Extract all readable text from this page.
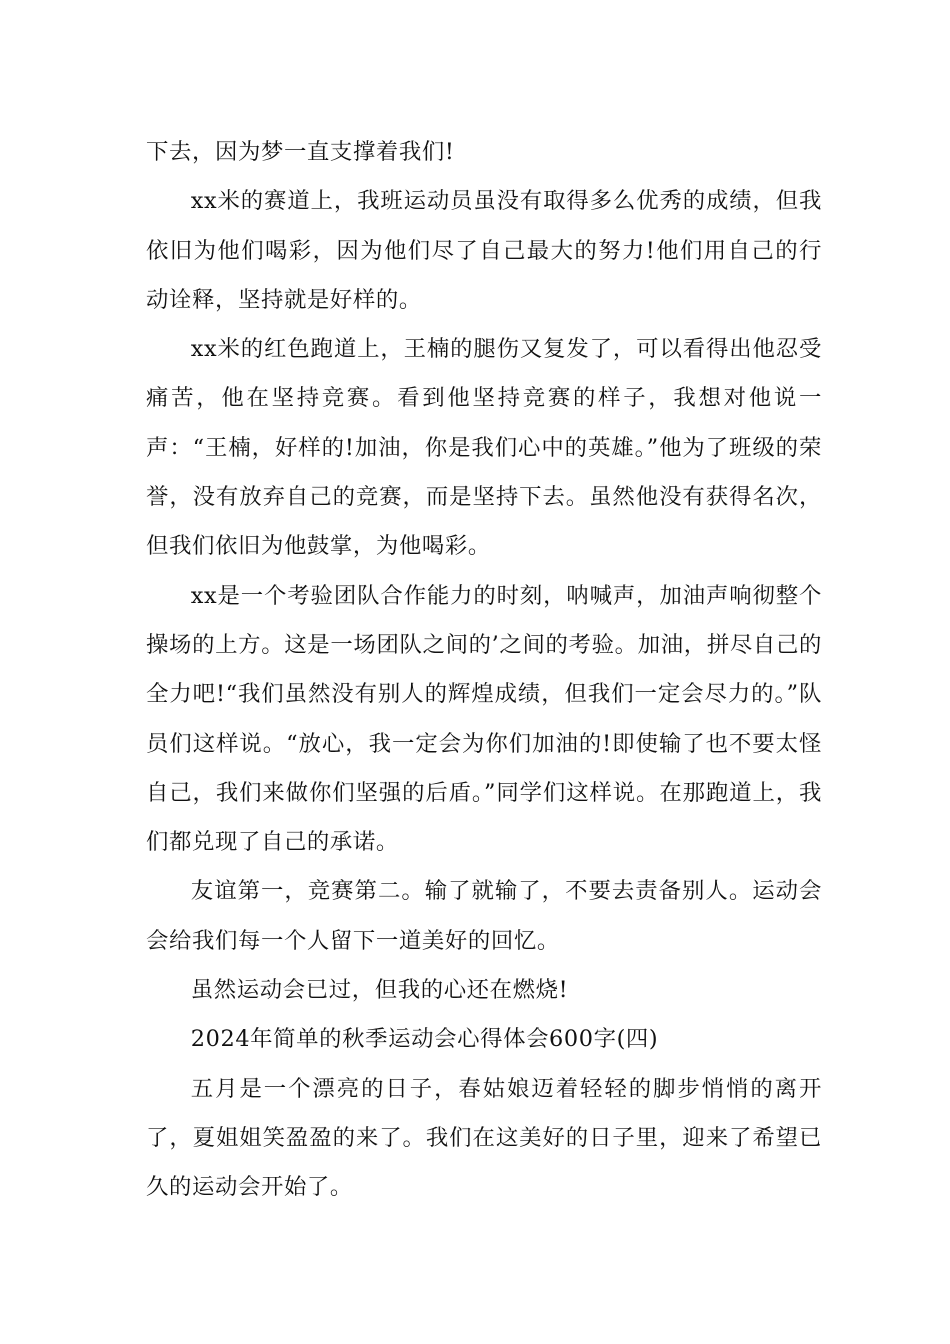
下去，因为梦一直支撑着我们!

xx米的赛道上，我班运动员虽没有取得多么优秀的成绩，但我依旧为他们喝彩，因为他们尽了自己最大的努力!他们用自己的行动诠释，坚持就是好样的。

xx米的红色跑道上，王楠的腿伤又复发了，可以看得出他忍受痛苦，他在坚持竞赛。看到他坚持竞赛的样子，我想对他说一声：“王楠，好样的!加油，你是我们心中的英雄。”他为了班级的荣誉，没有放弃自己的竞赛，而是坚持下去。虽然他没有获得名次，但我们依旧为他鼓掌，为他喝彩。

xx是一个考验团队合作能力的时刻，呐喊声，加油声响彻整个操场的上方。这是一场团队之间的’之间的考验。加油，拼尽自己的全力吧!“我们虽然没有别人的辉煌成绩，但我们一定会尽力的。”队员们这样说。“放心，我一定会为你们加油的!即使输了也不要太怪自己，我们来做你们坚强的后盾。”同学们这样说。在那跑道上，我们都兑现了自己的承诺。

友谊第一，竞赛第二。输了就输了，不要去责备别人。运动会会给我们每一个人留下一道美好的回忆。

虽然运动会已过，但我的心还在燃烧!

2024年简单的秋季运动会心得体会600字(四)

五月是一个漂亮的日子，春姑娘迈着轻轻的脚步悄悄的离开了，夏姐姐笑盈盈的来了。我们在这美好的日子里，迎来了希望已久的运动会开始了。
